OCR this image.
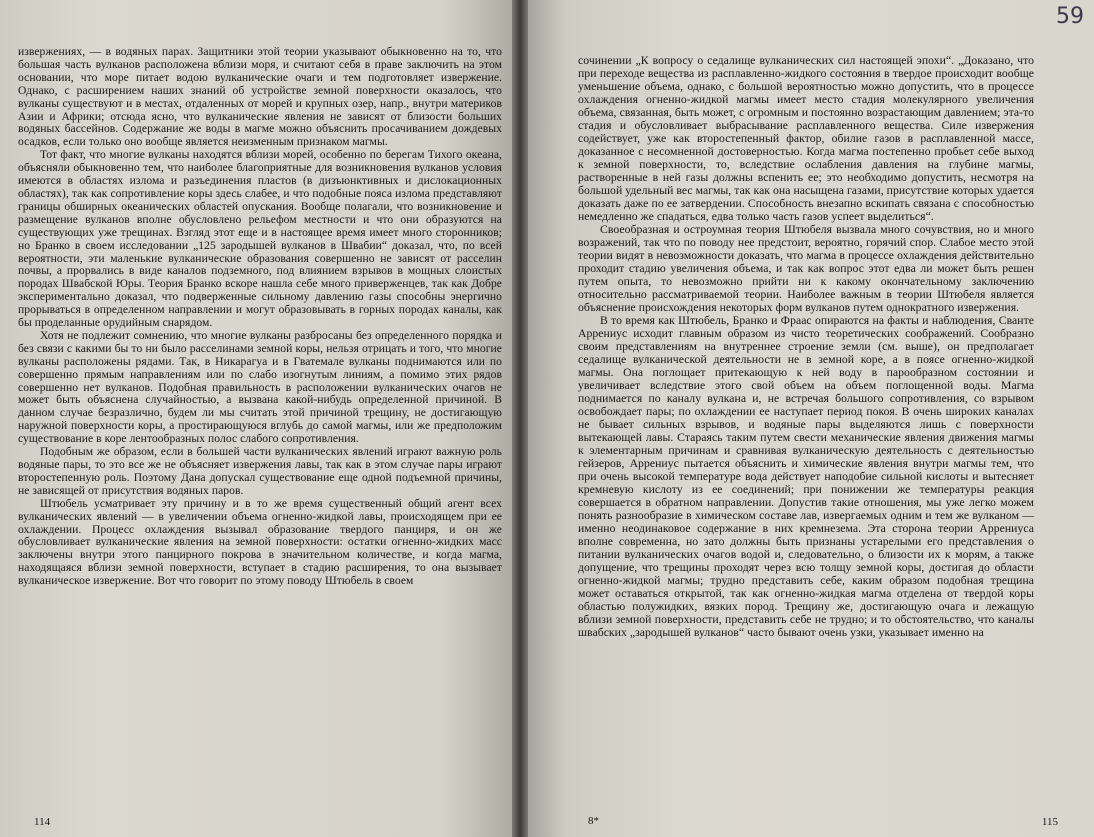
извержениях, — в водяных парах. Защитники этой теории указывают обыкновенно на то, что большая часть вулканов расположена вблизи моря, и считают себя в праве заключить на этом основании, что море питает водою вулканические очаги и тем подготовляет извержение. Однако, с расширением наших знаний об устройстве земной поверхности оказалось, что вулканы существуют и в местах, отдаленных от морей и крупных озер, напр., внутри материков Азии и Африки; отсюда ясно, что вулканические явления не зависят от близости больших водяных бассейнов. Содержание же воды в магме можно объяснить просачиванием дождевых осадков, если только оно вообще является неизменным признаком магмы.

Тот факт, что многие вулканы находятся вблизи морей, особенно по берегам Тихого океана, объясняли обыкновенно тем, что наиболее благоприятные для возникновения вулканов условия имеются в областях излома и разъединения пластов (в дизъюнктивных и дислокационных областях), так как сопротивление коры здесь слабее, и что подобные пояса излома представляют границы обширных океанических областей опускания. Вообще полагали, что возникновение и размещение вулканов вполне обусловлено рельефом местности и что они образуются на существующих уже трещинах. Взгляд этот еще и в настоящее время имеет много сторонников; но Бранко в своем исследовании „125 зародышей вулканов в Швабии“ доказал, что, по всей вероятности, эти маленькие вулканические образования совершенно не зависят от расселин почвы, а прорвались в виде каналов подземного, под влиянием взрывов в мощных слоистых породах Швабской Юры. Теория Бранко вскоре нашла себе много приверженцев, так как Добре экспериментально доказал, что подверженные сильному давлению газы способны энергично прорываться в определенном направлении и могут образовывать в горных породах каналы, как бы проделанные орудийным снарядом.

Хотя не подлежит сомнению, что многие вулканы разбросаны без определенного порядка и без связи с какими бы то ни было расселинами земной коры, нельзя отрицать и того, что многие вулканы расположены рядами. Так, в Никарагуа и в Гватемале вулканы поднимаются или по совершенно прямым направлениям или по слабо изогнутым линиям, а помимо этих рядов совершенно нет вулканов. Подобная правильность в расположении вулканических очагов не может быть объяснена случайностью, а вызвана какой-нибудь определенной причиной. В данном случае безразлично, будем ли мы считать этой причиной трещину, не достигающую наружной поверхности коры, а простирающуюся вглубь до самой магмы, или же предположим существование в коре лентообразных полос слабого сопротивления.

Подобным же образом, если в большей части вулканических явлений играют важную роль водяные пары, то это все же не объясняет извержения лавы, так как в этом случае пары играют второстепенную роль. Поэтому Дана допускал существование еще одной подъемной причины, не зависящей от присутствия водяных паров.

Штюбель усматривает эту причину и в то же время существенный общий агент всех вулканических явлений — в увеличении объема огненно-жидкой лавы, происходящем при ее охлаждении. Процесс охлаждения вызывал образование твердого панциря, и он же обусловливает вулканические явления на земной поверхности: остатки огненно-жидких масс заключены внутри этого панцирного покрова в значительном количестве, и когда магма, находящаяся вблизи земной поверхности, вступает в стадию расширения, то она вызывает вулканическое извержение. Вот что говорит по этому поводу Штюбель в своем

114
59

сочинении „К вопросу о седалище вулканических сил настоящей эпохи“. „Доказано, что при переходе вещества из расплавленно-жидкого состояния в твердое происходит вообще уменьшение объема, однако, с большой вероятностью можно допустить, что в процессе охлаждения огненно-жидкой магмы имеет место стадия молекулярного увеличения объема, связанная, быть может, с огромным и постоянно возрастающим давлением; эта-то стадия и обусловливает выбрасывание расплавленного вещества. Силе извержения содействует, уже как второстепенный фактор, обилие газов в расплавленной массе, доказанное с несомненной достоверностью. Когда магма постепенно пробьет себе выход к земной поверхности, то, вследствие ослабления давления на глубине магмы, растворенные в ней газы должны вспенить ее; это необходимо допустить, несмотря на большой удельный вес магмы, так как она насыщена газами, присутствие которых удается доказать даже по ее затвердении. Способность внезапно вскипать связана с способностью немедленно же спадаться, едва только часть газов успеет выделиться“.

Своеобразная и остроумная теория Штюбеля вызвала много сочувствия, но и много возражений, так что по поводу нее предстоит, вероятно, горячий спор. Слабое место этой теории видят в невозможности доказать, что магма в процессе охлаждения действительно проходит стадию увеличения объема, и так как вопрос этот едва ли может быть решен путем опыта, то невозможно прийти ни к какому окончательному заключению относительно рассматриваемой теории. Наиболее важным в теории Штюбеля является объяснение происхождения некоторых форм вулканов путем однократного извержения.

В то время как Штюбель, Бранко и Фраас опираются на факты и наблюдения, Сванте Аррениус исходит главным образом из чисто теоретических соображений. Сообразно своим представлениям на внутреннее строение земли (см. выше), он предполагает седалище вулканической деятельности не в земной коре, а в поясе огненно-жидкой магмы. Она поглощает притекающую к ней воду в парообразном состоянии и увеличивает вследствие этого свой объем на объем поглощенной воды. Магма поднимается по каналу вулкана и, не встречая большого сопротивления, со взрывом освобождает пары; по охлаждении ее наступает период покоя. В очень широких каналах не бывает сильных взрывов, и водяные пары выделяются лишь с поверхности вытекающей лавы. Стараясь таким путем свести механические явления движения магмы к элементарным причинам и сравнивая вулканическую деятельность с деятельностью гейзеров, Аррениус пытается объяснить и химические явления внутри магмы тем, что при очень высокой температуре вода действует наподобие сильной кислоты и вытесняет кремневую кислоту из ее соединений; при понижении же температуры реакция совершается в обратном направлении. Допустив такие отношения, мы уже легко можем понять разнообразие в химическом составе лав, извергаемых одним и тем же вулканом — именно неодинаковое содержание в них кремнезема. Эта сторона теории Аррениуса вполне современна, но зато должны быть признаны устарелыми его представления о питании вулканических очагов водой и, следовательно, о близости их к морям, а также допущение, что трещины проходят через всю толщу земной коры, достигая до области огненно-жидкой магмы; трудно представить себе, каким образом подобная трещина может оставаться открытой, так как огненно-жидкая магма отделена от твердой коры областью полужидких, вязких пород. Трещину же, достигающую очага и лежащую вблизи земной поверхности, представить себе не трудно; и то обстоятельство, что каналы швабских „зародышей вулканов“ часто бывают очень узки, указывает именно на

8*	115
